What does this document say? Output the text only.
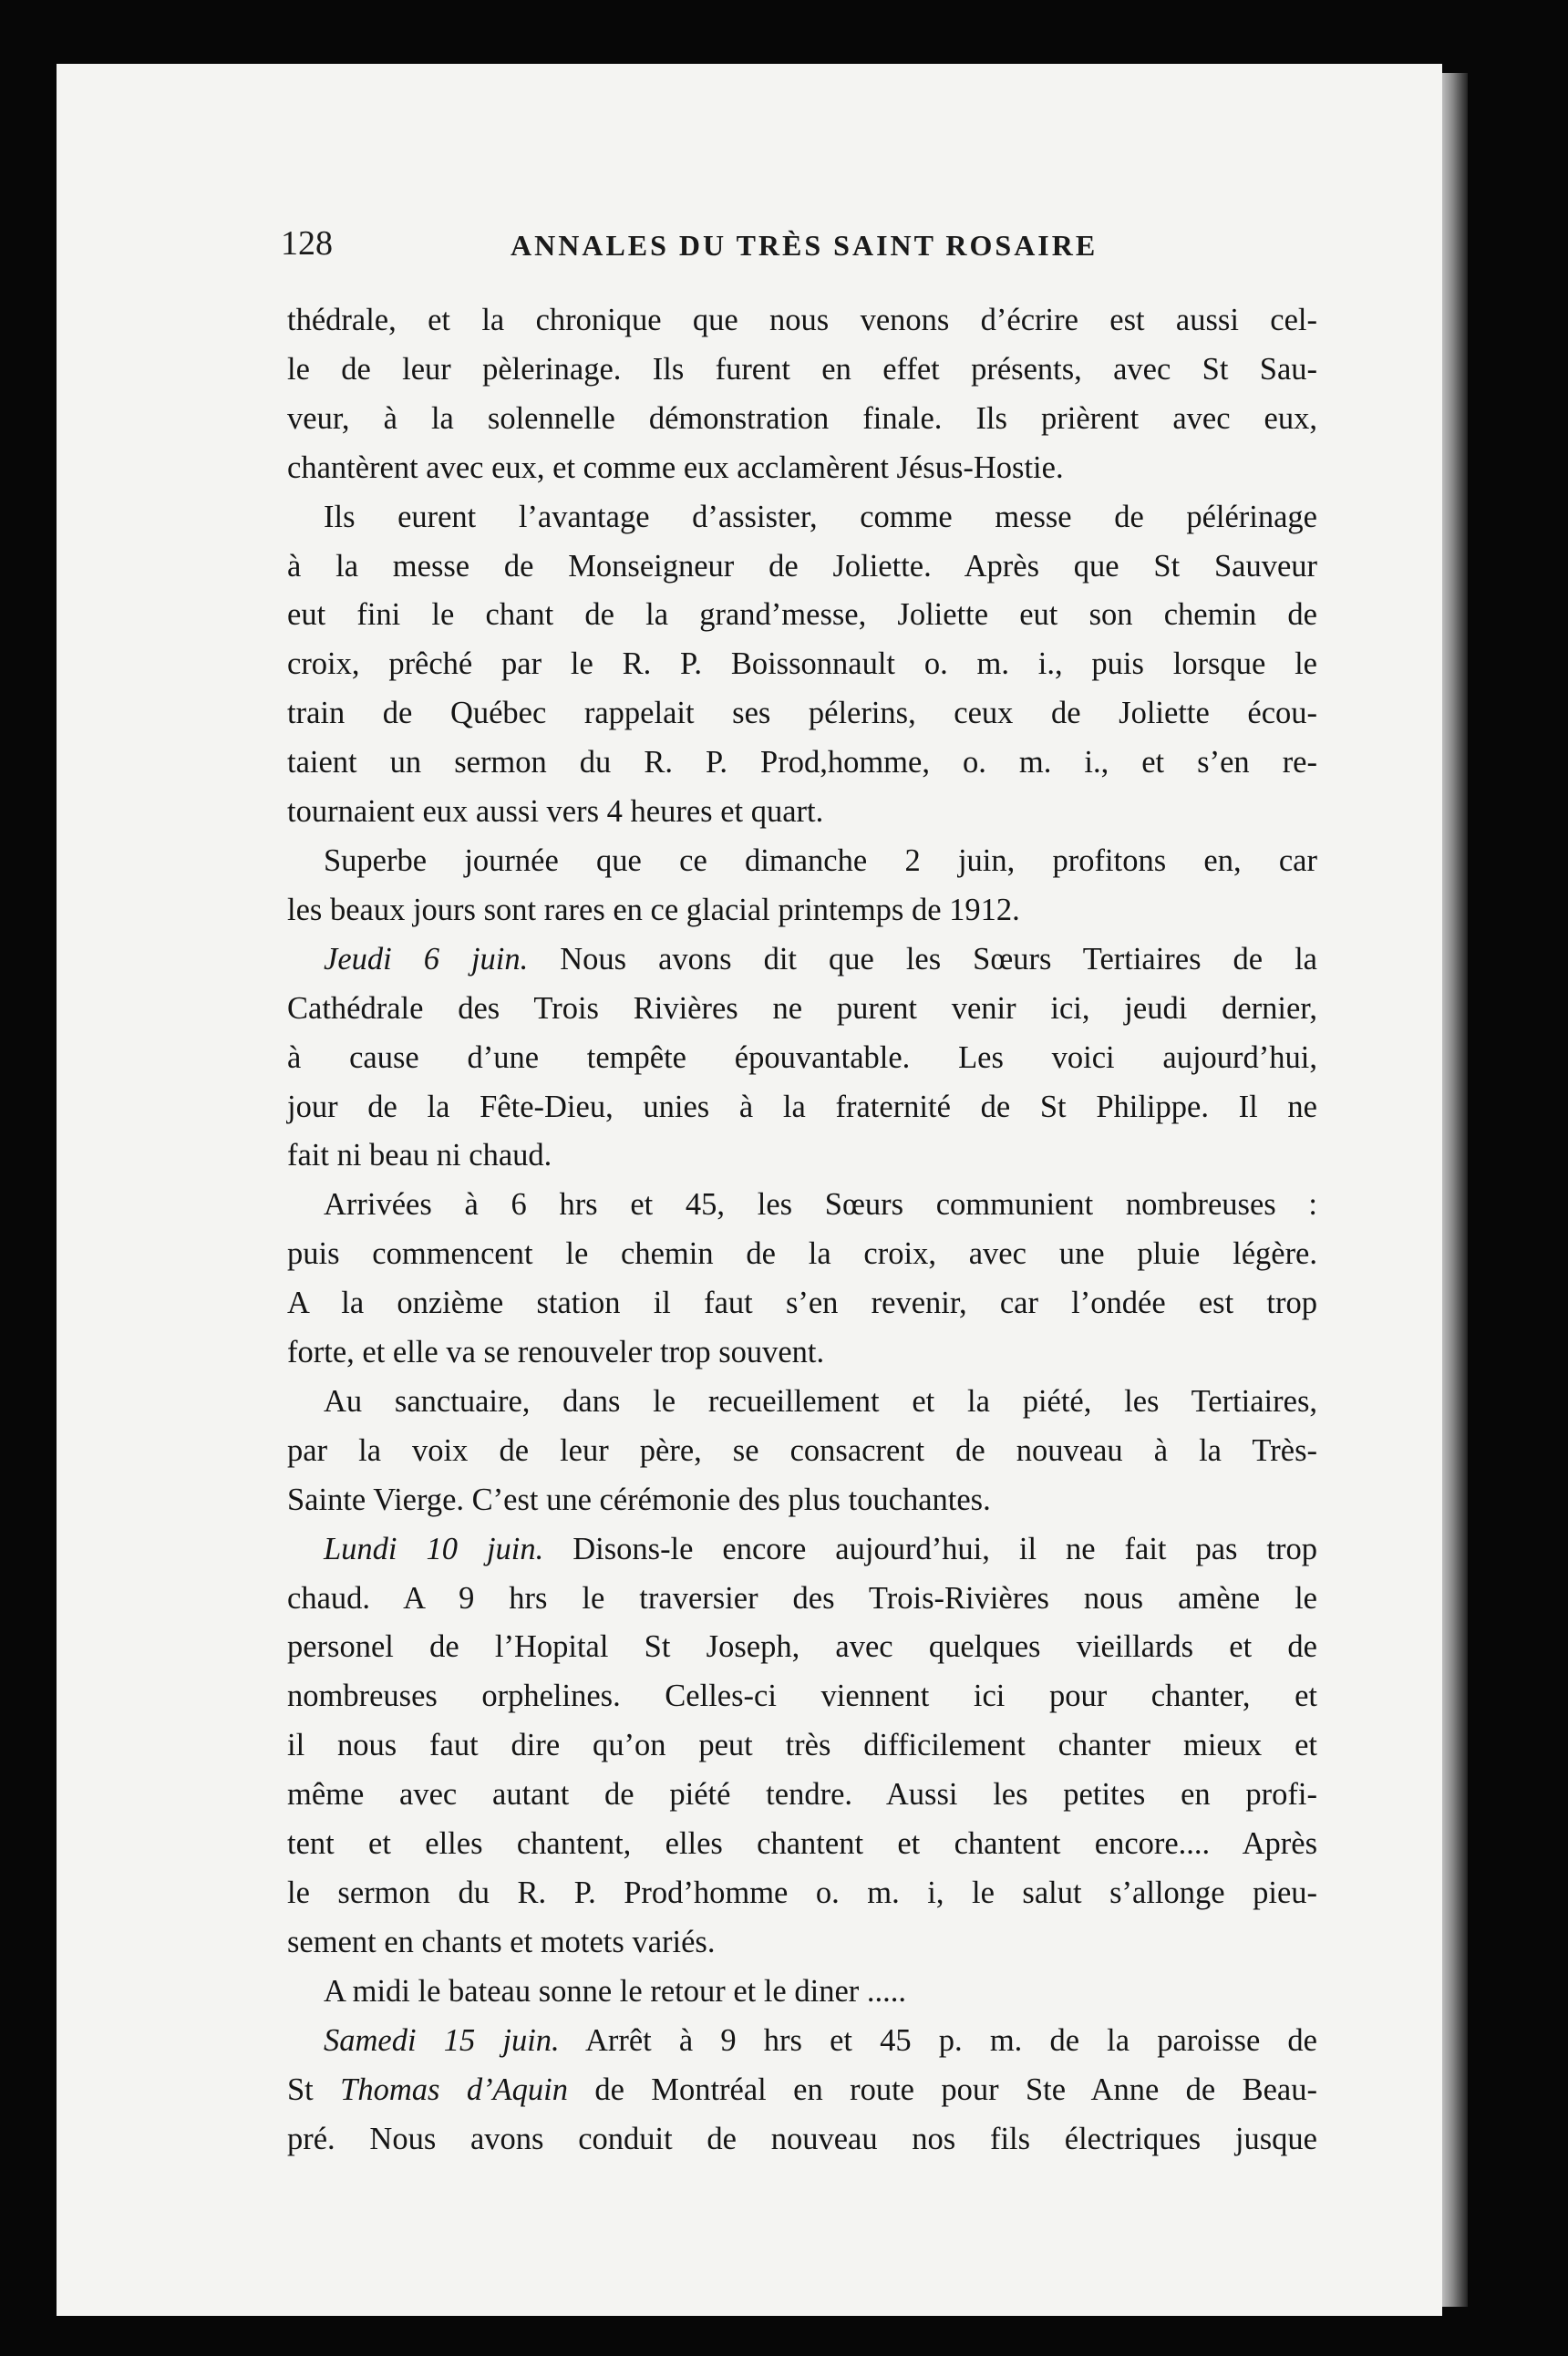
128	ANNALES DU TRÈS SAINT ROSAIRE
thédrale, et la chronique que nous venons d’écrire est aussi cel-
le de leur pèlerinage. Ils furent en effet présents, avec St Sau-
veur, à la solennelle démonstration finale. Ils prièrent avec eux,
chantèrent avec eux, et comme eux acclamèrent Jésus-Hostie.
Ils eurent l’avantage d’assister, comme messe de pélérinage
à la messe de Monseigneur de Joliette. Après que St Sauveur
eut fini le chant de la grand’messe, Joliette eut son chemin de
croix, prêché par le R. P. Boissonnault o. m. i., puis lorsque le
train de Québec rappelait ses pélerins, ceux de Joliette écou-
taient un sermon du R. P. Prod,homme, o. m. i., et s’en re-
tournaient eux aussi vers 4 heures et quart.
Superbe journée que ce dimanche 2 juin, profitons en, car
les beaux jours sont rares en ce glacial printemps de 1912.
Jeudi 6 juin. Nous avons dit que les Sœurs Tertiaires de la
Cathédrale des Trois Rivières ne purent venir ici, jeudi dernier,
à cause d’une tempête épouvantable. Les voici aujourd’hui,
jour de la Fête-Dieu, unies à la fraternité de St Philippe. Il ne
fait ni beau ni chaud.
Arrivées à 6 hrs et 45, les Sœurs communient nombreuses :
puis commencent le chemin de la croix, avec une pluie légère.
A la onzième station il faut s’en revenir, car l’ondée est trop
forte, et elle va se renouveler trop souvent.
Au sanctuaire, dans le recueillement et la piété, les Tertiaires,
par la voix de leur père, se consacrent de nouveau à la Très-
Sainte Vierge. C’est une cérémonie des plus touchantes.
Lundi 10 juin. Disons-le encore aujourd’hui, il ne fait pas trop
chaud. A 9 hrs le traversier des Trois-Rivières nous amène le
personel de l’Hopital St Joseph, avec quelques vieillards et de
nombreuses orphelines. Celles-ci viennent ici pour chanter, et
il nous faut dire qu’on peut très difficilement chanter mieux et
même avec autant de piété tendre. Aussi les petites en profi-
tent et elles chantent, elles chantent et chantent encore.... Après
le sermon du R. P. Prod’homme o. m. i, le salut s’allonge pieu-
sement en chants et motets variés.
A midi le bateau sonne le retour et le diner .....
Samedi 15 juin. Arrêt à 9 hrs et 45 p. m. de la paroisse de
St Thomas d’Aquin de Montréal en route pour Ste Anne de Beau-
pré. Nous avons conduit de nouveau nos fils électriques jusque
